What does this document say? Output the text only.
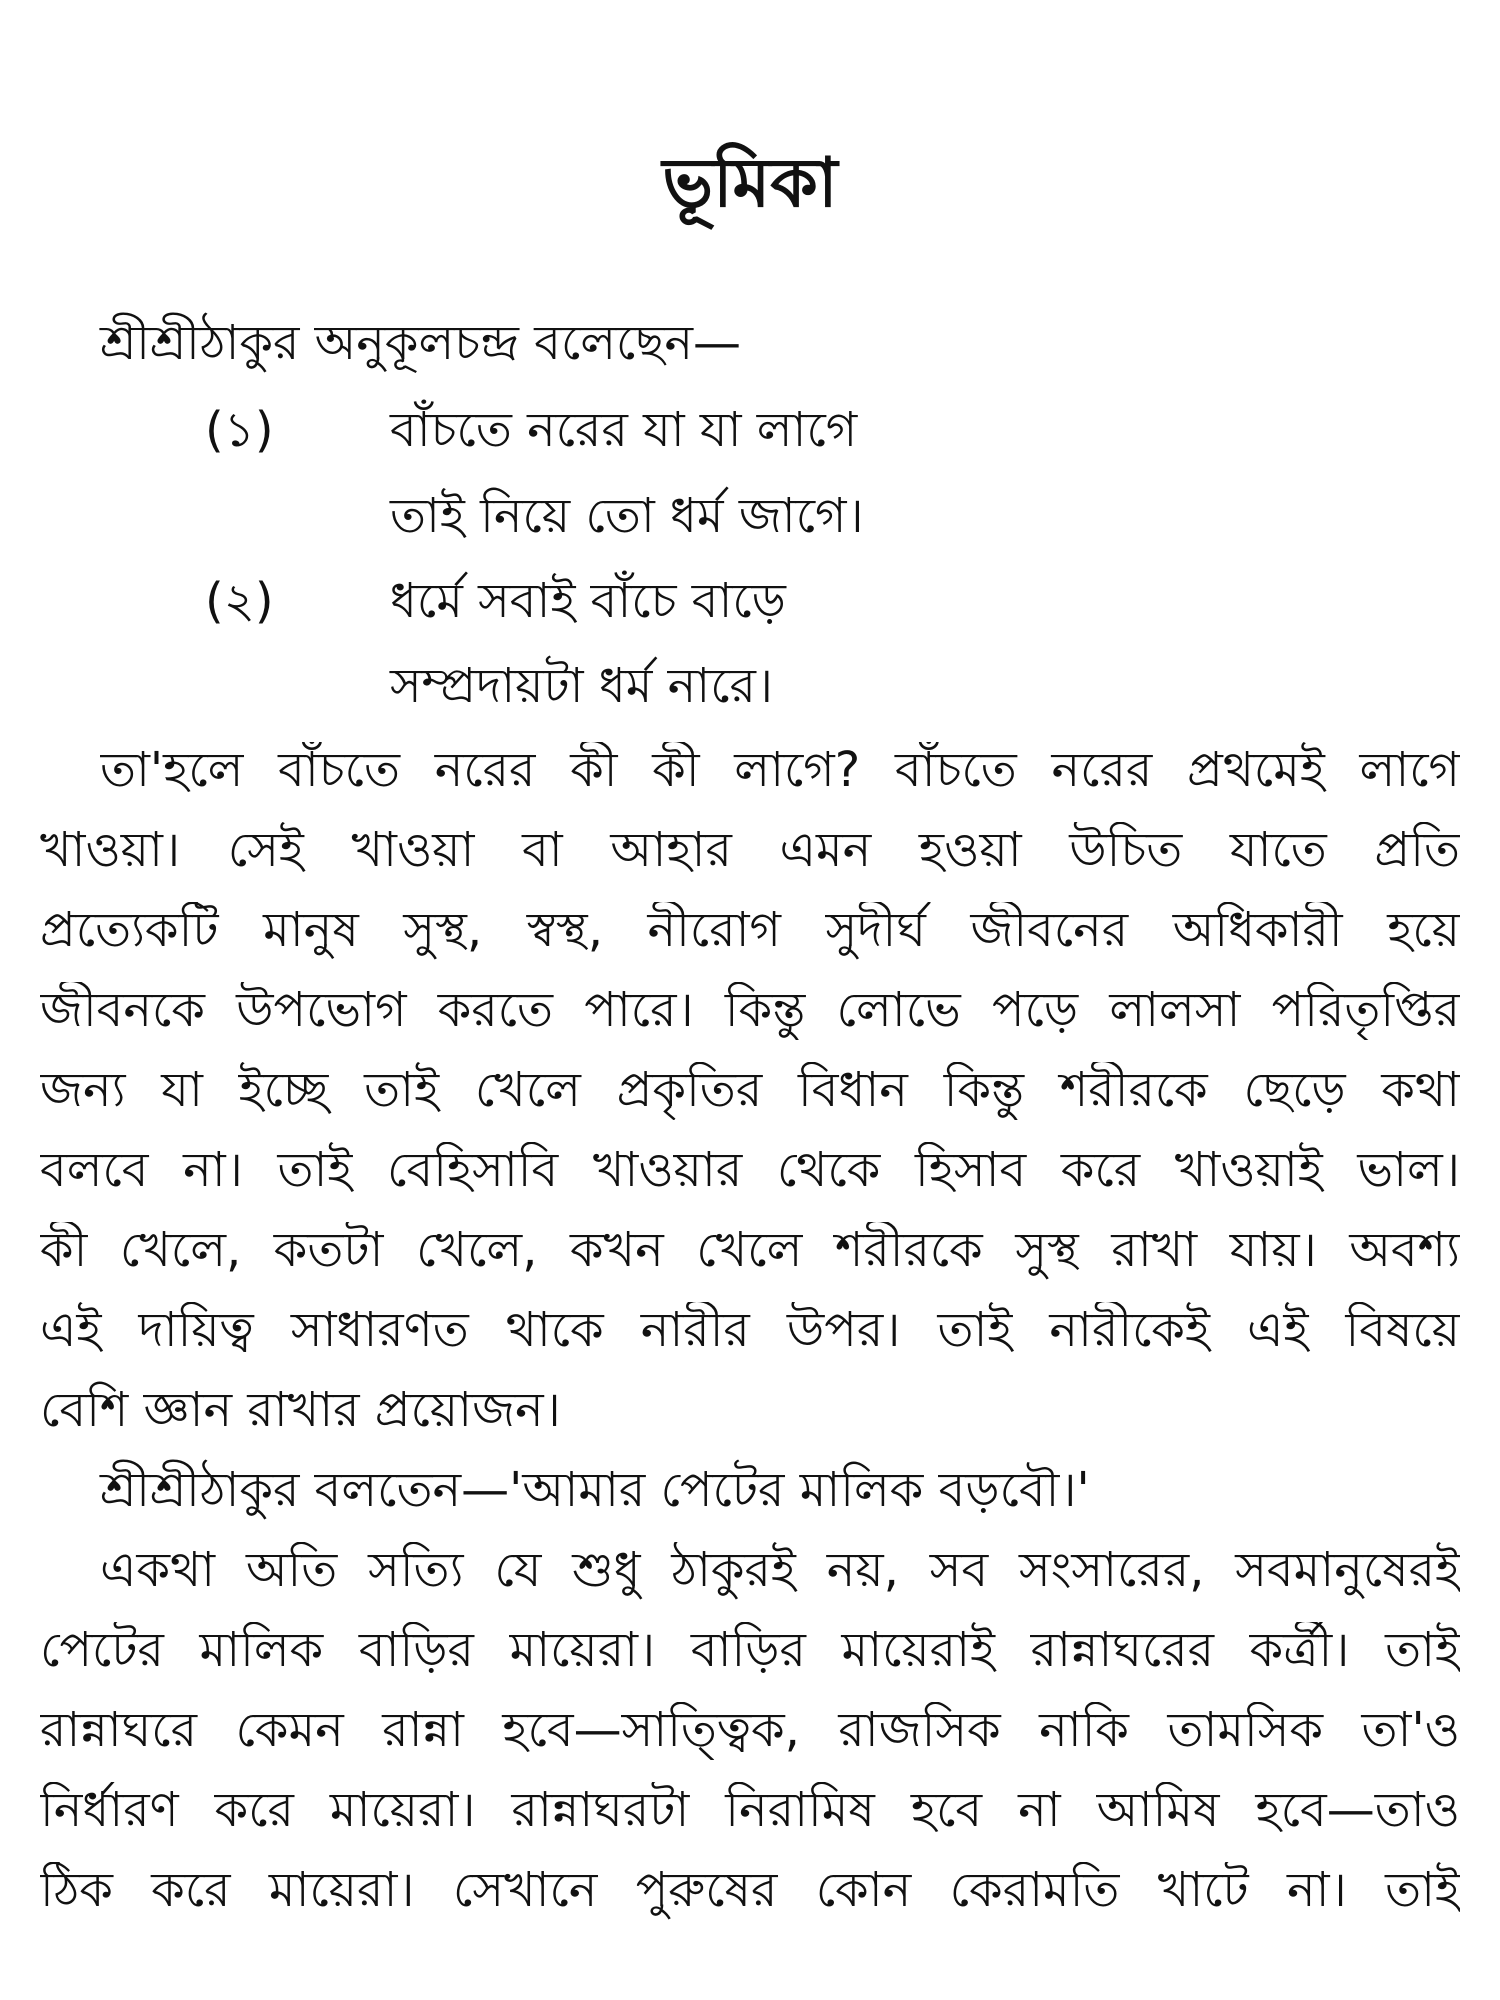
ভূমিকা
শ্রীশ্রীঠাকুর অনুকূলচন্দ্র বলেছেন—
(১) বাঁচতে নরের যা যা লাগে
তাই নিয়ে তো ধর্ম জাগে।
(২) ধর্মে সবাই বাঁচে বাড়ে
সম্প্রদায়টা ধর্ম নারে।
তা'হলে বাঁচতে নরের কী কী লাগে? বাঁচতে নরের প্রথমেই লাগে
খাওয়া। সেই খাওয়া বা আহার এমন হওয়া উচিত যাতে প্রতি
প্রত্যেকটি মানুষ সুস্থ, স্বস্থ, নীরোগ সুদীর্ঘ জীবনের অধিকারী হয়ে
জীবনকে উপভোগ করতে পারে। কিন্তু লোভে পড়ে লালসা পরিতৃপ্তির
জন্য যা ইচ্ছে তাই খেলে প্রকৃতির বিধান কিন্তু শরীরকে ছেড়ে কথা
বলবে না। তাই বেহিসাবি খাওয়ার থেকে হিসাব করে খাওয়াই ভাল।
কী খেলে, কতটা খেলে, কখন খেলে শরীরকে সুস্থ রাখা যায়। অবশ্য
এই দায়িত্ব সাধারণত থাকে নারীর উপর। তাই নারীকেই এই বিষয়ে
বেশি জ্ঞান রাখার প্রয়োজন।
শ্রীশ্রীঠাকুর বলতেন—'আমার পেটের মালিক বড়বৌ।'
একথা অতি সত্যি যে শুধু ঠাকুরই নয়, সব সংসারের, সবমানুষেরই
পেটের মালিক বাড়ির মায়েরা। বাড়ির মায়েরাই রান্নাঘরের কর্ত্রী। তাই
রান্নাঘরে কেমন রান্না হবে—সাত্ত্বিক, রাজসিক নাকি তামসিক তা'ও
নির্ধারণ করে মায়েরা। রান্নাঘরটা নিরামিষ হবে না আমিষ হবে—তাও
ঠিক করে মায়েরা। সেখানে পুরুষের কোন কেরামতি খাটে না। তাই
